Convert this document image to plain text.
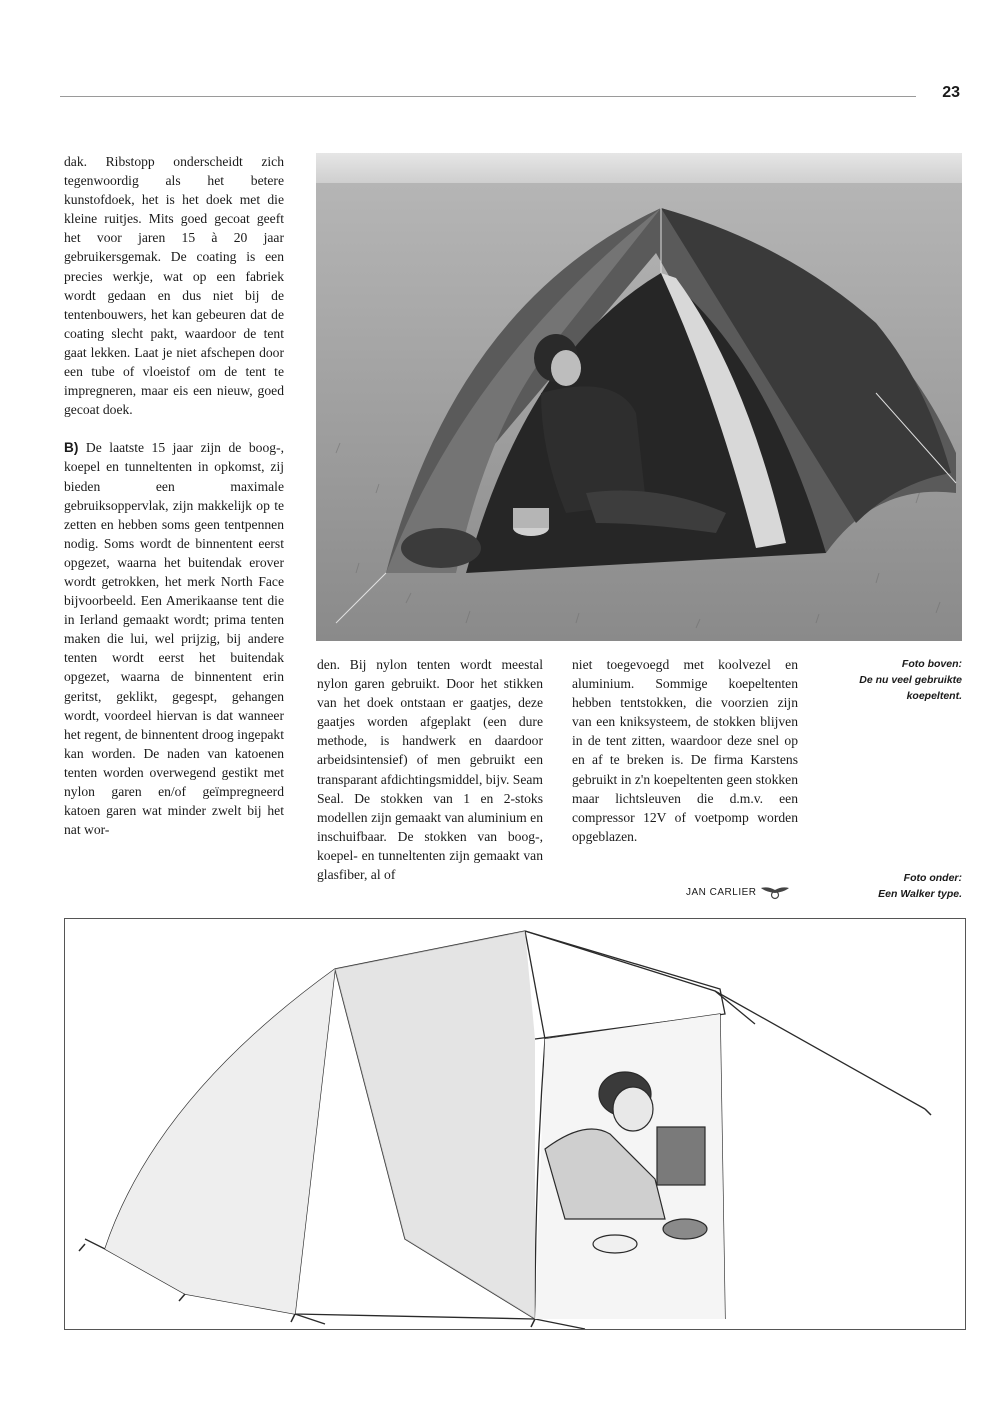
23

dak. Ribstopp onderscheidt zich tegenwoordig als het betere kunstofdoek, het is het doek met die kleine ruitjes. Mits goed gecoat geeft het voor jaren 15 à 20 jaar gebruikersgemak. De coating is een precies werkje, wat op een fabriek wordt gedaan en dus niet bij de tentenbouwers, het kan gebeuren dat de coating slecht pakt, waardoor de tent gaat lekken. Laat je niet afschepen door een tube of vloeistof om de tent te impregneren, maar eis een nieuw, goed gecoat doek.

B) De laatste 15 jaar zijn de boog-, koepel en tunneltenten in opkomst, zij bieden een maximale gebruiksoppervlak, zijn makkelijk op te zetten en hebben soms geen tentpennen nodig. Soms wordt de binnentent eerst opgezet, waarna het buitendak erover wordt getrokken, het merk North Face bijvoorbeeld. Een Amerikaanse tent die in Ierland gemaakt wordt; prima tenten maken die lui, wel prijzig, bij andere tenten wordt eerst het buitendak opgezet, waarna de binnentent erin geritst, geklikt, gegespt, gehangen wordt, voordeel hiervan is dat wanneer het regent, de binnentent droog ingepakt kan worden. De naden van katoenen tenten worden overwegend gestikt met nylon garen en/of geïmpregneerd katoen garen wat minder zwelt bij het nat wor-

den. Bij nylon tenten wordt meestal nylon garen gebruikt. Door het stikken van het doek ontstaan er gaatjes, deze gaatjes worden afgeplakt (een dure methode, is handwerk en daardoor arbeidsintensief) of men gebruikt een transparant afdichtingsmiddel, bijv. Seam Seal. De stokken van 1 en 2-stoks modellen zijn gemaakt van aluminium en inschuifbaar. De stokken van boog-, koepel- en tunneltenten zijn gemaakt van glasfiber, al of

niet toegevoegd met koolvezel en aluminium. Sommige koepeltenten hebben tentstokken, die voorzien zijn van een kniksysteem, de stokken blijven in de tent zitten, waardoor deze snel op en af te breken is. De firma Karstens gebruikt in z'n koepeltenten geen stokken maar lichtsleuven die d.m.v. een compressor 12V of voetpomp worden opgeblazen.

JAN CARLIER
Foto boven:
De nu veel gebruikte koepeltent.
Foto onder:
Een Walker type.
